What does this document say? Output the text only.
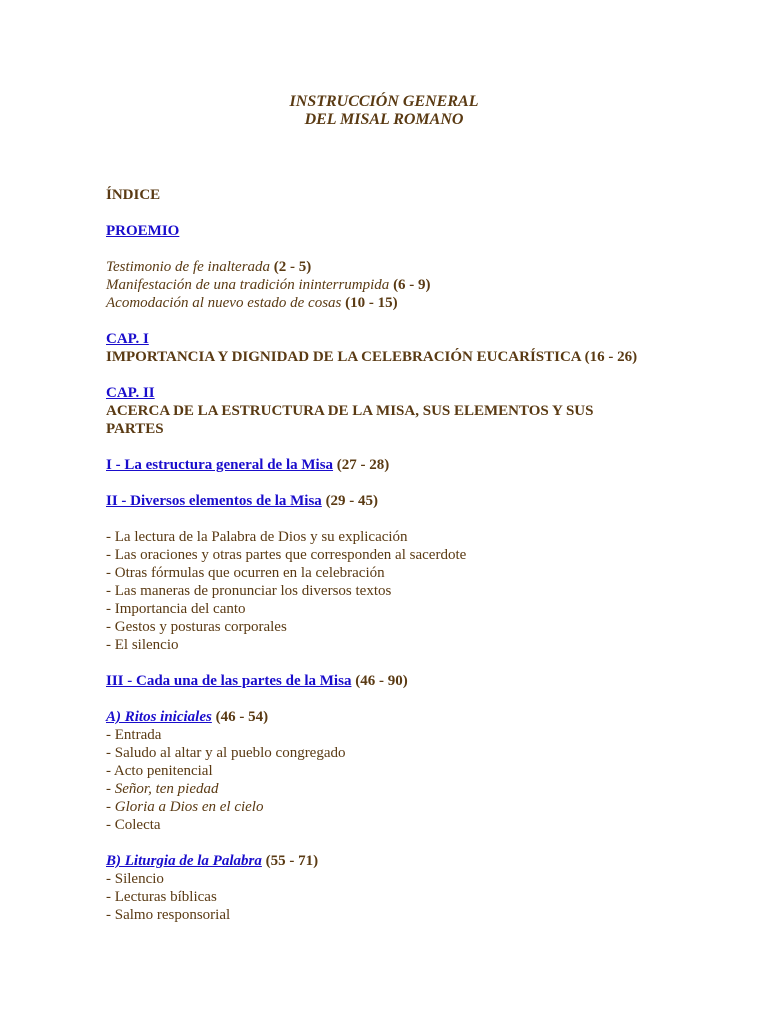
INSTRUCCIÓN GENERAL
DEL MISAL ROMANO
ÍNDICE
PROEMIO
Testimonio de fe inalterada (2 - 5)
Manifestación de una tradición ininterrumpida (6 - 9)
Acomodación al nuevo estado de cosas (10 - 15)
CAP. I
IMPORTANCIA Y DIGNIDAD DE LA CELEBRACIÓN EUCARÍSTICA (16 - 26)
CAP. II
ACERCA DE LA ESTRUCTURA DE LA MISA, SUS ELEMENTOS Y SUS
PARTES
I - La estructura general de la Misa (27 - 28)
II - Diversos elementos de la Misa (29 - 45)
- La lectura de la Palabra de Dios y su explicación
- Las oraciones y otras partes que corresponden al sacerdote
- Otras fórmulas que ocurren en la celebración
- Las maneras de pronunciar los diversos textos
- Importancia del canto
- Gestos y posturas corporales
- El silencio
III - Cada una de las partes de la Misa (46 - 90)
A) Ritos iniciales (46 - 54)
- Entrada
- Saludo al altar y al pueblo congregado
- Acto penitencial
- Señor, ten piedad
- Gloria a Dios en el cielo
- Colecta
B) Liturgia de la Palabra (55 - 71)
- Silencio
- Lecturas bíblicas
- Salmo responsorial
